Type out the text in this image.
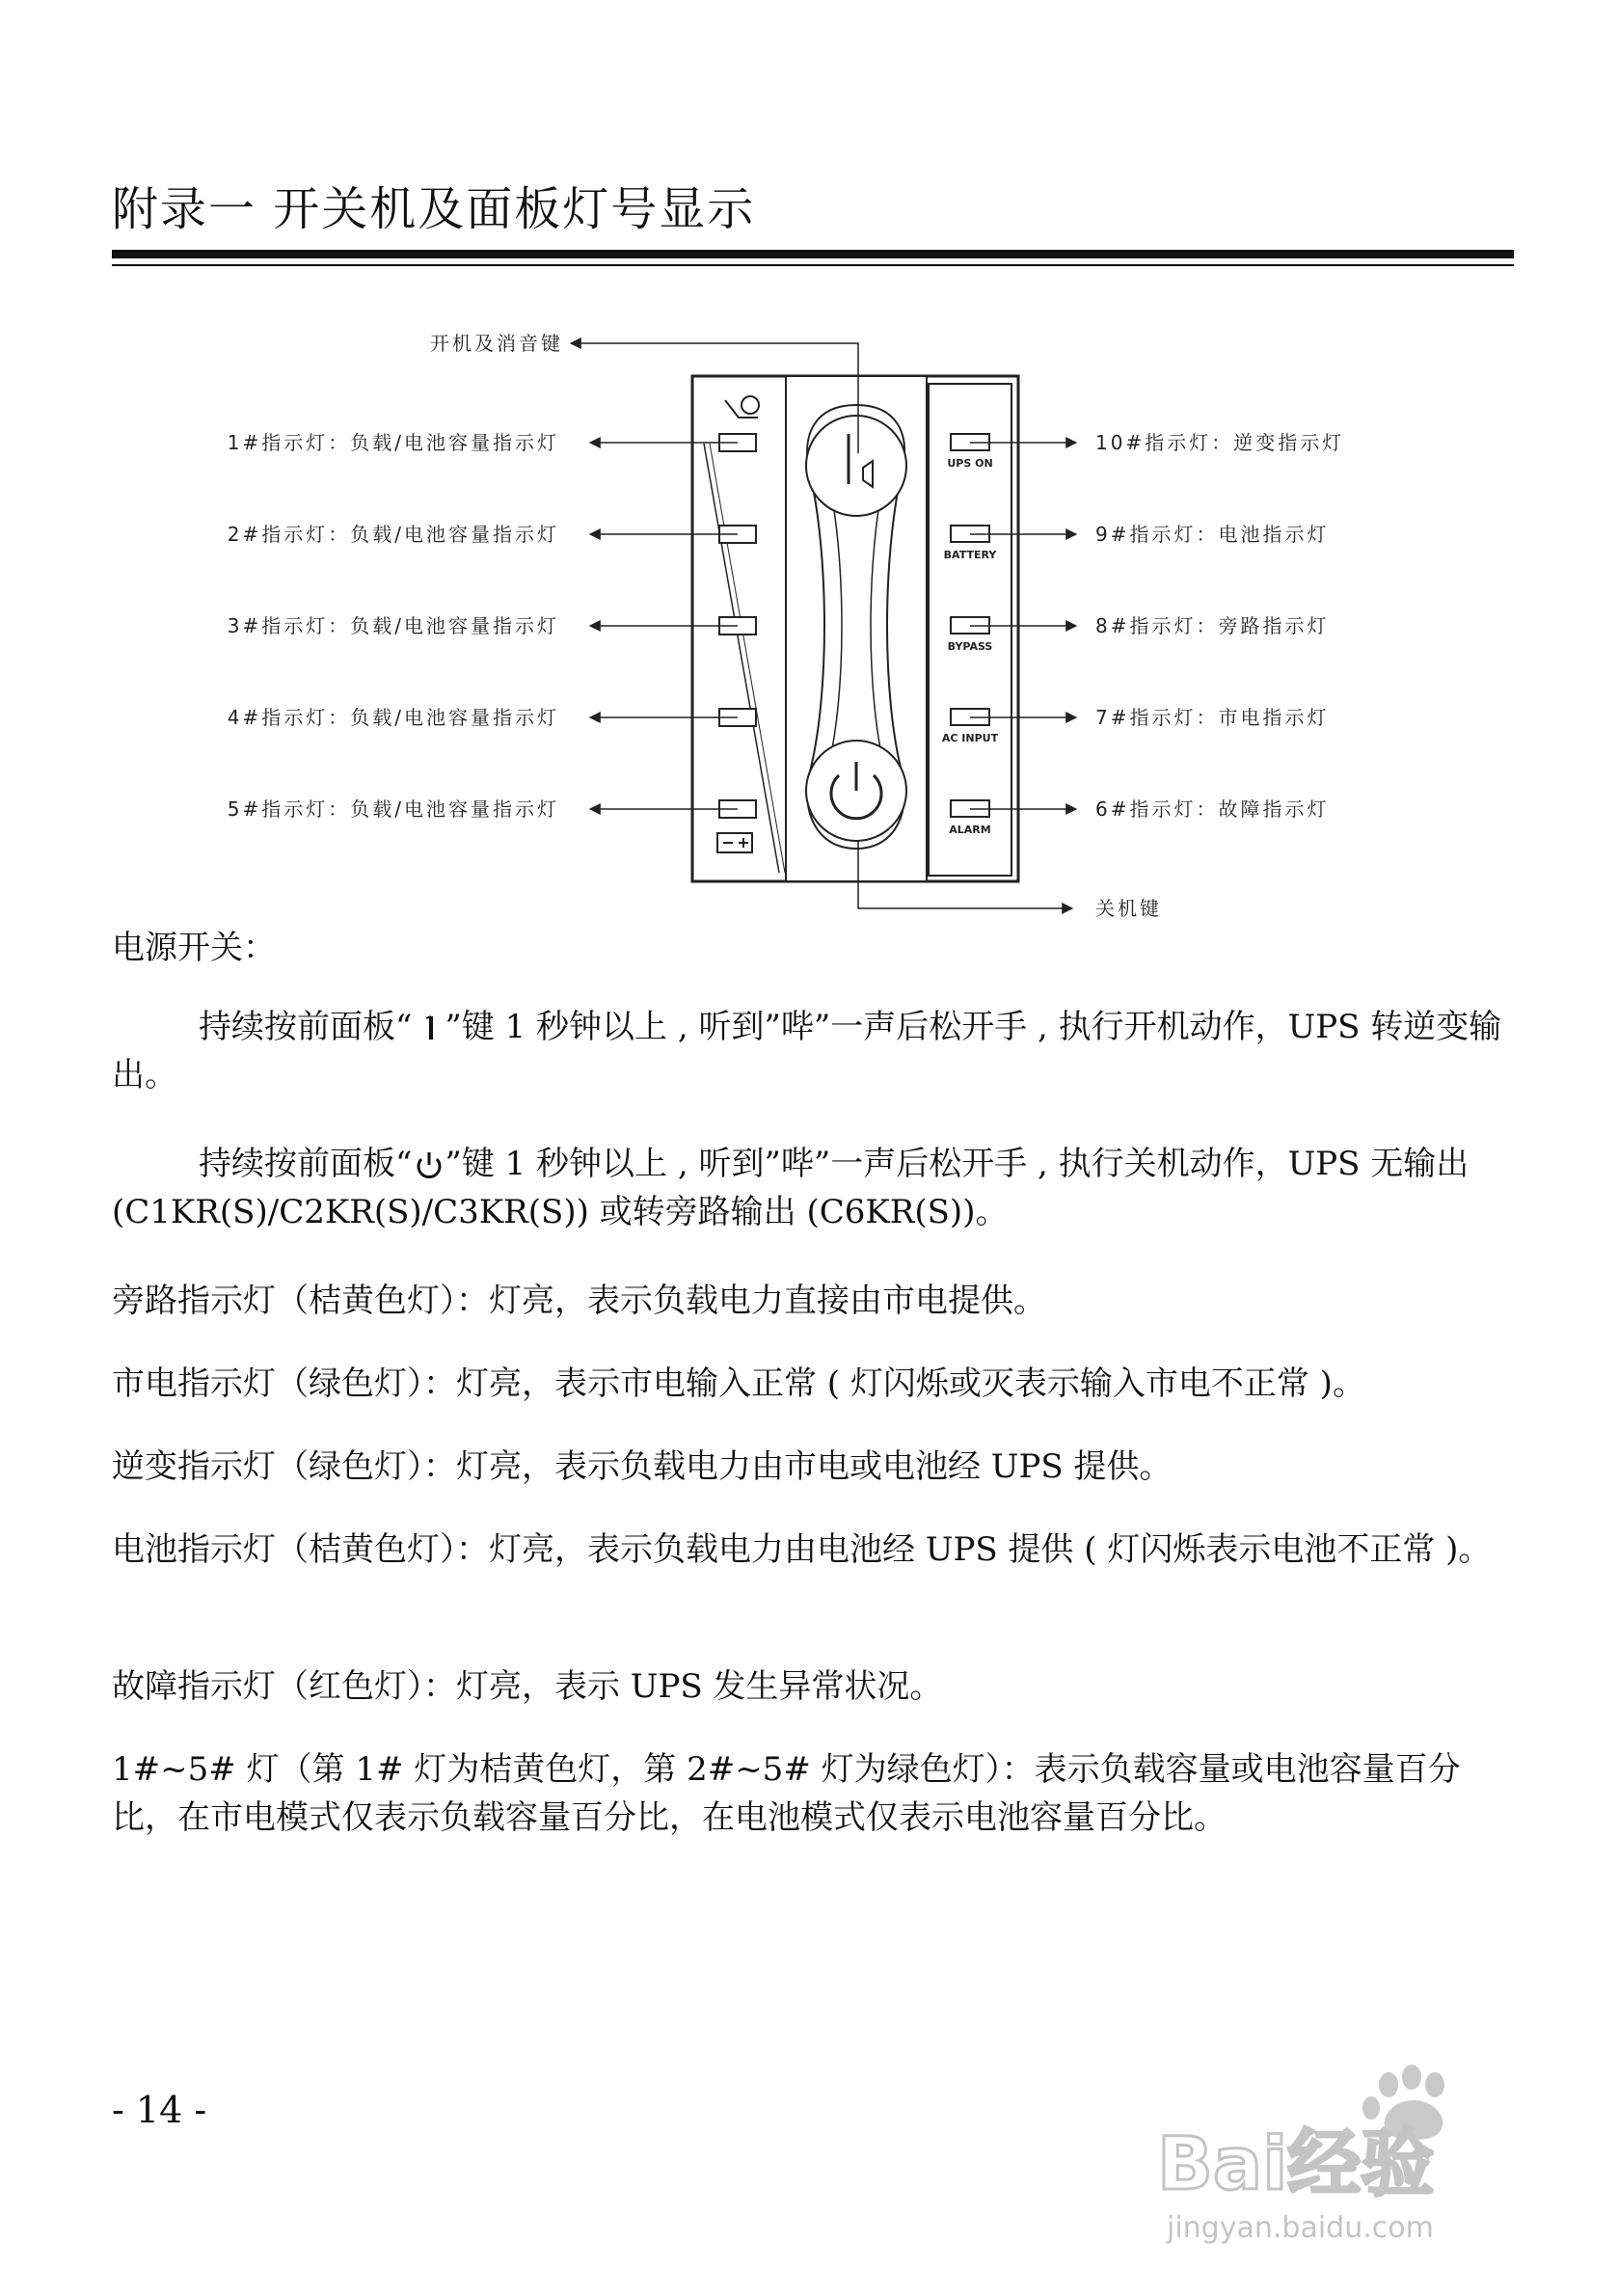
附录一 开关机及面板灯号显示
UPS ON
BATTERY
BYPASS
AC INPUT
ALARM
开机及消音键
关机键
1#指示灯：负载/电池容量指示灯
2#指示灯：负载/电池容量指示灯
3#指示灯：负载/电池容量指示灯
4#指示灯：负载/电池容量指示灯
5#指示灯：负载/电池容量指示灯
10#指示灯：逆变指示灯
9#指示灯：电池指示灯
8#指示灯：旁路指示灯
7#指示灯：市电指示灯
6#指示灯：故障指示灯

电源开关：

持续按前面板“ ”键 1 秒钟以上 , 听到”哔”一声后松开手 , 执行开机动作，UPS 转逆变输出。

持续按前面板“ ”键 1 秒钟以上 , 听到”哔”一声后松开手 , 执行关机动作，UPS 无输出 (C1KR(S)/C2KR(S)/C3KR(S)) 或转旁路输出 (C6KR(S))。

旁路指示灯（桔黄色灯）：灯亮，表示负载电力直接由市电提供。

市电指示灯（绿色灯）：灯亮，表示市电输入正常 ( 灯闪烁或灭表示输入市电不正常 )。

逆变指示灯（绿色灯）：灯亮，表示负载电力由市电或电池经 UPS 提供。

电池指示灯（桔黄色灯）：灯亮，表示负载电力由电池经 UPS 提供 ( 灯闪烁表示电池不正常 )。

故障指示灯（红色灯）：灯亮，表示 UPS 发生异常状况。

1#~5# 灯（第 1# 灯为桔黄色灯，第 2#~5# 灯为绿色灯）：表示负载容量或电池容量百分比，在市电模式仅表示负载容量百分比，在电池模式仅表示电池容量百分比。

- 14 -
Bai经验
jingyan.baidu.com
